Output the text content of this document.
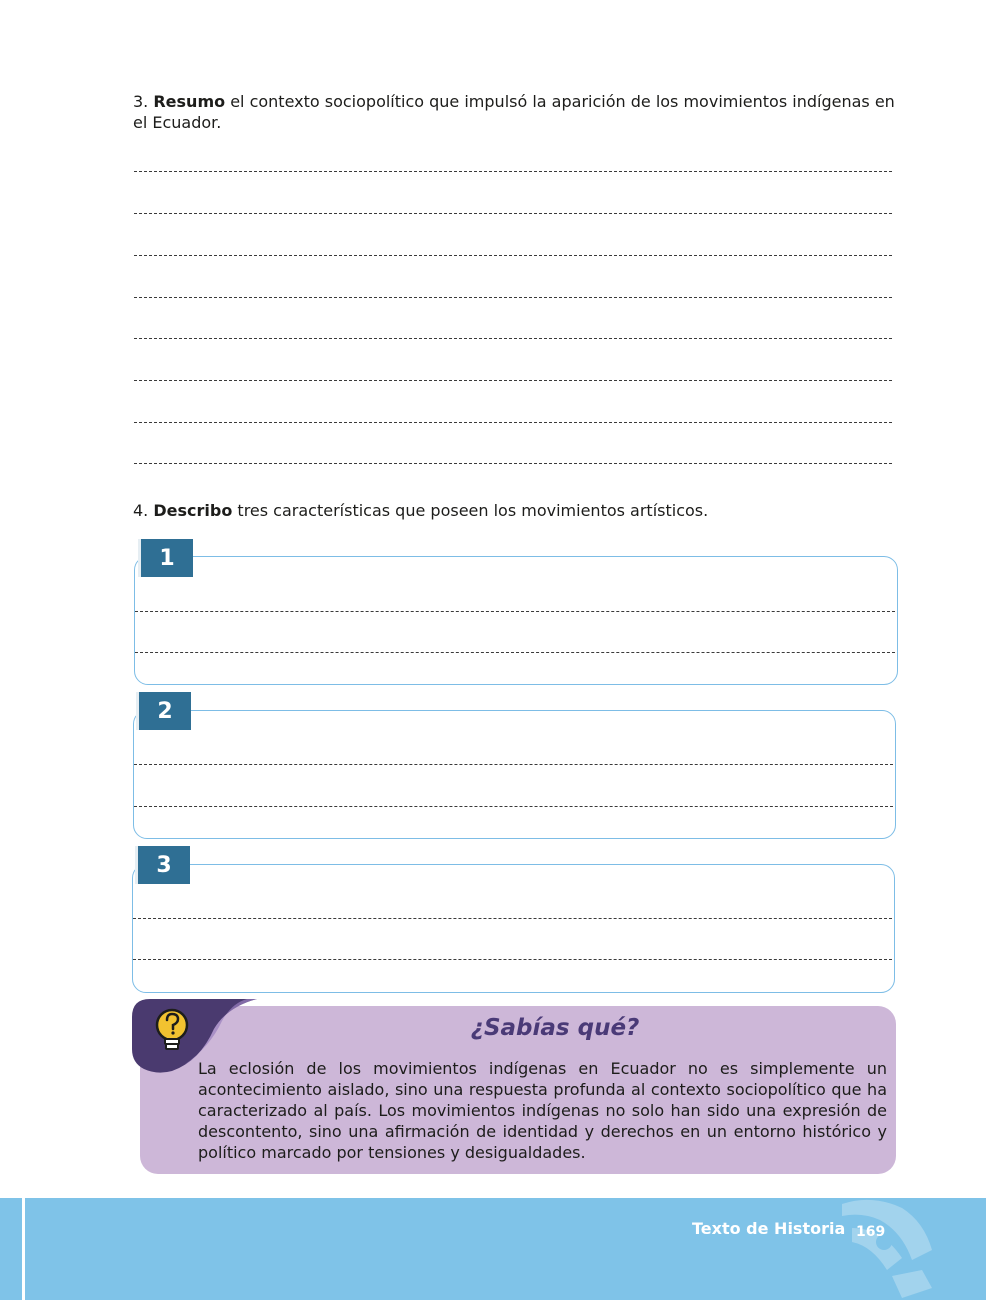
3. Resumo el contexto sociopolítico que impulsó la aparición de los movimientos indígenas en el Ecuador.
4. Describo tres características que poseen los movimientos artísticos.
1
2
3
¿Sabías qué?
La eclosión de los movimientos indígenas en Ecuador no es simplemente un acontecimiento aislado, sino una respuesta profunda al contexto sociopolítico que ha caracterizado al país. Los movimientos indígenas no solo han sido una expresión de descontento, sino una afirmación de identidad y derechos en un entorno histórico y político marcado por tensiones y desigualdades.
Texto de Historia 169
